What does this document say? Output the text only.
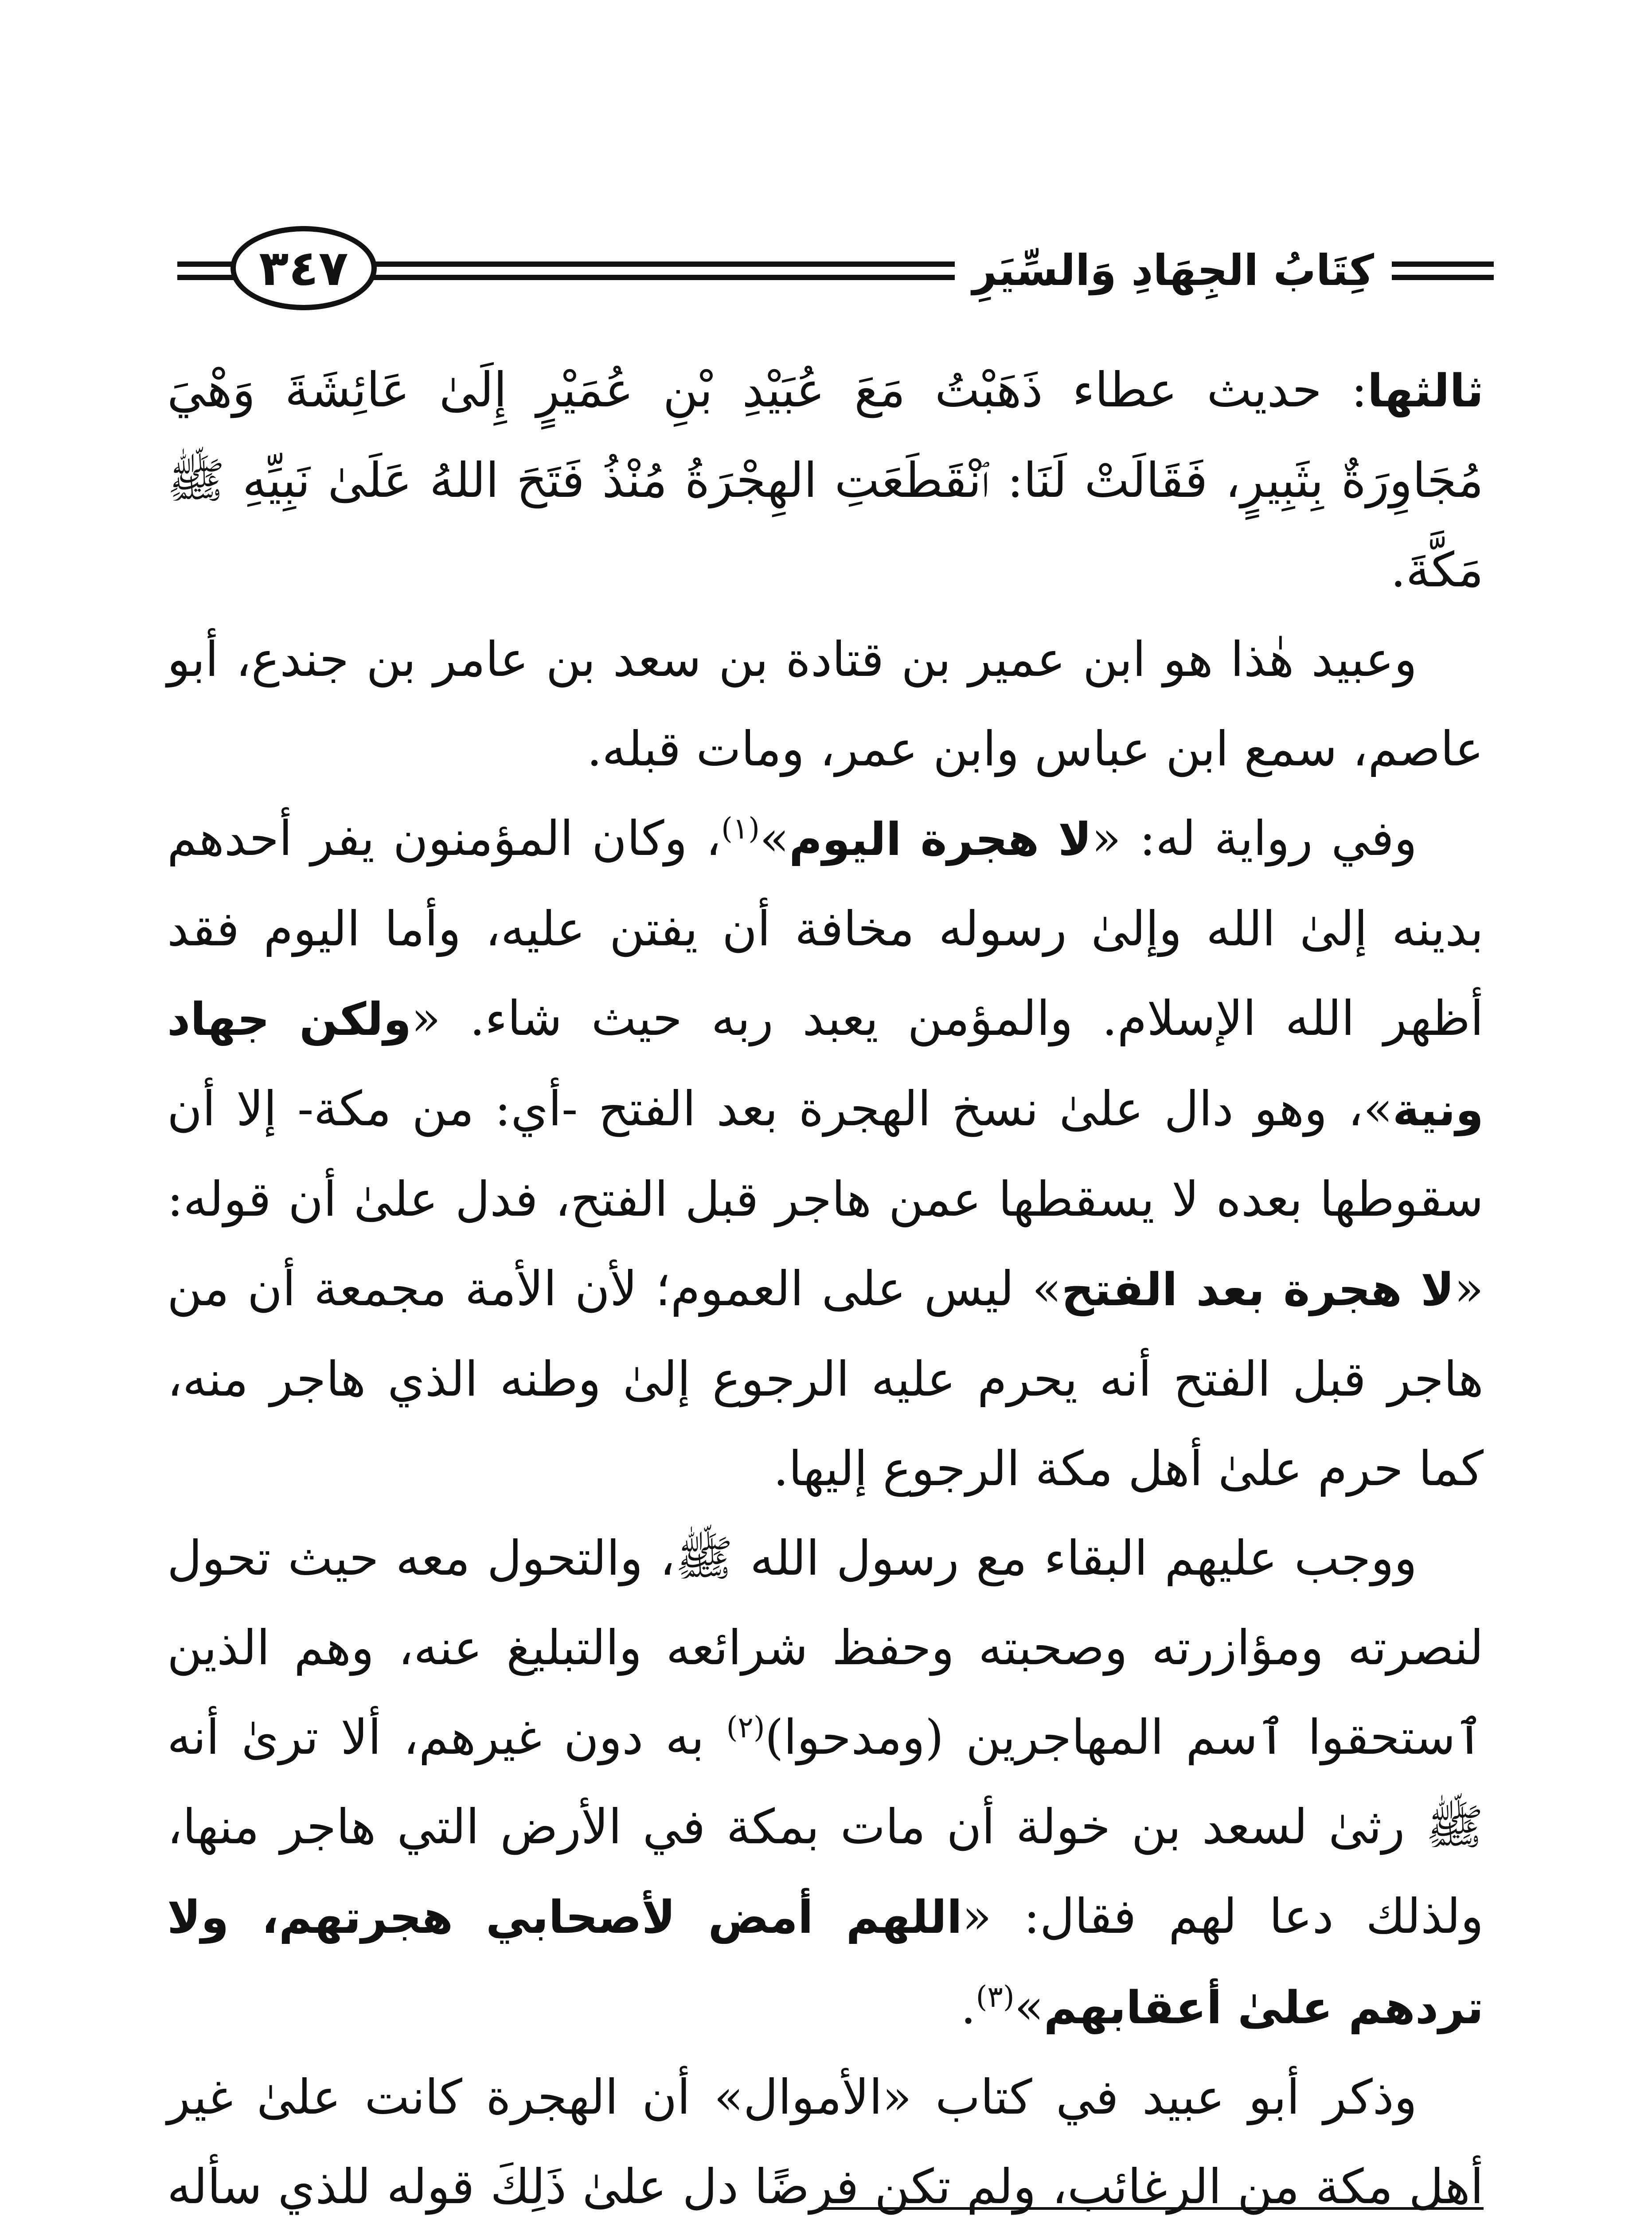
٣٤٧	كِتَابُ الجِهَادِ وَالسِّيَرِ

ثالثها: حديث عطاء ذَهَبْتُ مَعَ عُبَيْدِ بْنِ عُمَيْرٍ إِلَىٰ عَائِشَةَ وَهْيَ مُجَاوِرَةٌ بِثَبِيرٍ، فَقَالَتْ لَنَا: ٱنْقَطَعَتِ الهِجْرَةُ مُنْذُ فَتَحَ اللهُ عَلَىٰ نَبِيِّهِ ﷺ مَكَّةَ.

وعبيد هٰذا هو ابن عمير بن قتادة بن سعد بن عامر بن جندع، أبو عاصم، سمع ابن عباس وابن عمر، ومات قبله.

وفي رواية له: «لا هجرة اليوم»$^{(١)}$، وكان المؤمنون يفر أحدهم بدينه إلىٰ الله وإلىٰ رسوله مخافة أن يفتن عليه، وأما اليوم فقد أظهر الله الإسلام. والمؤمن يعبد ربه حيث شاء. «ولكن جهاد ونية»، وهو دال علىٰ نسخ الهجرة بعد الفتح -أي: من مكة- إلا أن سقوطها بعده لا يسقطها عمن هاجر قبل الفتح، فدل علىٰ أن قوله: «لا هجرة بعد الفتح» ليس على العموم؛ لأن الأمة مجمعة أن من هاجر قبل الفتح أنه يحرم عليه الرجوع إلىٰ وطنه الذي هاجر منه، كما حرم علىٰ أهل مكة الرجوع إليها.

ووجب عليهم البقاء مع رسول الله ﷺ، والتحول معه حيث تحول لنصرته ومؤازرته وصحبته وحفظ شرائعه والتبليغ عنه، وهم الذين ٱستحقوا ٱسم المهاجرين (ومدحوا)$^{(٢)}$ به دون غيرهم، ألا ترىٰ أنه ﷺ رثىٰ لسعد بن خولة أن مات بمكة في الأرض التي هاجر منها، ولذلك دعا لهم فقال: «اللهم أمض لأصحابي هجرتهم، ولا تردهم علىٰ أعقابهم»$^{(٣)}$.

وذكر أبو عبيد في كتاب «الأموال» أن الهجرة كانت علىٰ غير أهل مكة من الرغائب، ولم تكن فرضًا دل علىٰ ذَلِكَ قوله للذي سأله
